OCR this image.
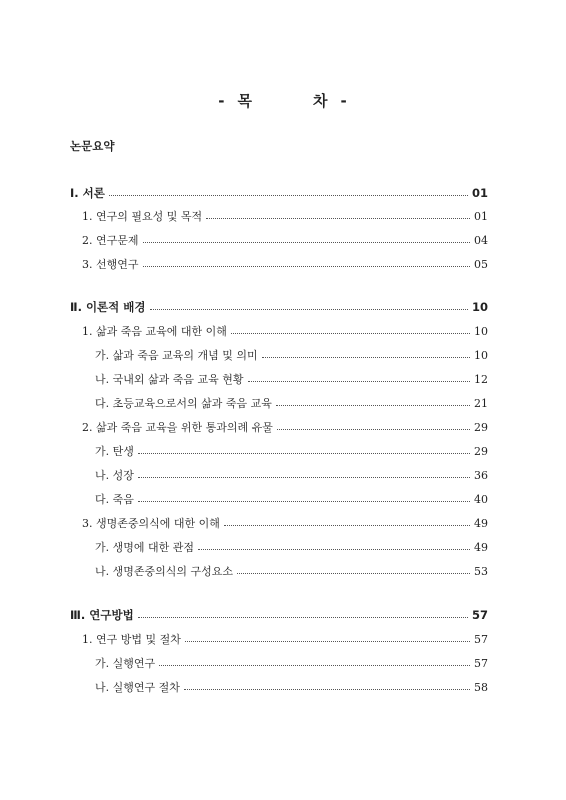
- 목	차 -
논문요약
Ⅰ. 서론	01
1. 연구의 필요성 및 목적	01
2. 연구문제	04
3. 선행연구	05
Ⅱ. 이론적 배경	10
1. 삶과 죽음 교육에 대한 이해	10
가. 삶과 죽음 교육의 개념 및 의미	10
나. 국내외 삶과 죽음 교육 현황	12
다. 초등교육으로서의 삶과 죽음 교육	21
2. 삶과 죽음 교육을 위한 통과의례 유물	29
가. 탄생	29
나. 성장	36
다. 죽음	40
3. 생명존중의식에 대한 이해	49
가. 생명에 대한 관점	49
나. 생명존중의식의 구성요소	53
Ⅲ. 연구방법	57
1. 연구 방법 및 절차	57
가. 실행연구	57
나. 실행연구 절차	58
